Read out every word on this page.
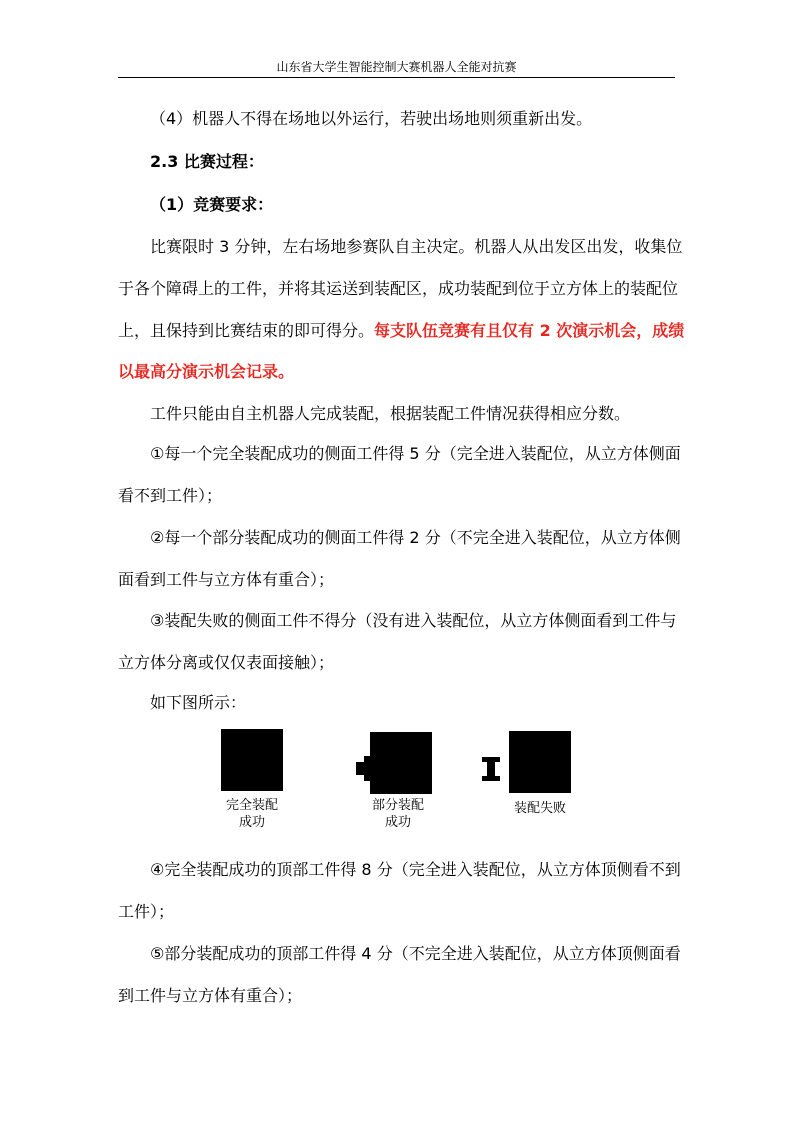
山东省大学生智能控制大赛机器人全能对抗赛
（4）机器人不得在场地以外运行，若驶出场地则须重新出发。
2.3 比赛过程：
（1）竞赛要求：
比赛限时 3 分钟，左右场地参赛队自主决定。机器人从出发区出发，收集位
于各个障碍上的工件，并将其运送到装配区，成功装配到位于立方体上的装配位
上，且保持到比赛结束的即可得分。每支队伍竞赛有且仅有 2 次演示机会，成绩
以最高分演示机会记录。
工件只能由自主机器人完成装配，根据装配工件情况获得相应分数。
①每一个完全装配成功的侧面工件得 5 分（完全进入装配位，从立方体侧面
看不到工件）；
②每一个部分装配成功的侧面工件得 2 分（不完全进入装配位，从立方体侧
面看到工件与立方体有重合）；
③装配失败的侧面工件不得分（没有进入装配位，从立方体侧面看到工件与
立方体分离或仅仅表面接触）；
如下图所示：
完全装配
成功
部分装配
成功
装配失败
④完全装配成功的顶部工件得 8 分（完全进入装配位，从立方体顶侧看不到
工件）；
⑤部分装配成功的顶部工件得 4 分（不完全进入装配位，从立方体顶侧面看
到工件与立方体有重合）；
